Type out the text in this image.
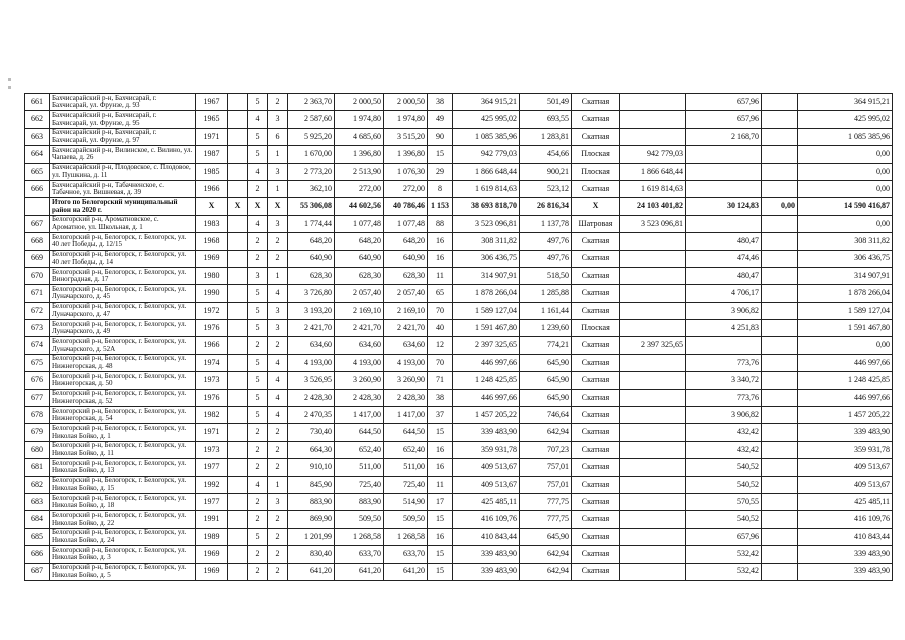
661	Бахчисарайский р-н, Бахчисарай, г. Бахчисарай, ул. Фрунзе, д. 93	1967		5	2	2 363,70	2 000,50	2 000,50	38	364 915,21	501,49	Скатная		657,96		364 915,21
662	Бахчисарайский р-н, Бахчисарай, г. Бахчисарай, ул. Фрунзе, д. 95	1965		4	3	2 587,60	1 974,80	1 974,80	49	425 995,02	693,55	Скатная		657,96		425 995,02
663	Бахчисарайский р-н, Бахчисарай, г. Бахчисарай, ул. Фрунзе, д. 97	1971		5	6	5 925,20	4 685,60	3 515,20	90	1 085 385,96	1 283,81	Скатная		2 168,70		1 085 385,96
664	Бахчисарайский р-н, Вилинское, с. Вилино, ул. Чапаева, д. 26	1987		5	1	1 670,00	1 396,80	1 396,80	15	942 779,03	454,66	Плоская	942 779,03			0,00
665	Бахчисарайский р-н, Плодовское, с. Плодовое, ул. Пушкина, д. 11	1985		4	3	2 773,20	2 513,90	1 076,30	29	1 866 648,44	900,21	Плоская	1 866 648,44			0,00
666	Бахчисарайский р-н, Табачненское, с. Табачное, ул. Вишневая, д. 39	1966		2	1	362,10	272,00	272,00	8	1 619 814,63	523,12	Скатная	1 619 814,63			0,00
	Итого по Белогорский муниципальный район на 2020 г.	X	X	X	X	55 306,08	44 602,56	40 786,46	1 153	38 693 818,70	26 816,34	X	24 103 401,82	30 124,83	0,00	14 590 416,87
667	Белогорский р-н, Ароматновское, с. Ароматное, ул. Школьная, д. 1	1983		4	3	1 774,44	1 077,48	1 077,48	88	3 523 096,81	1 137,78	Шатровая	3 523 096,81			0,00
668	Белогорский р-н, Белогорск, г. Белогорск, ул. 40 лет Победы, д. 12/15	1968		2	2	648,20	648,20	648,20	16	308 311,82	497,76	Скатная		480,47		308 311,82
669	Белогорский р-н, Белогорск, г. Белогорск, ул. 40 лет Победы, д. 14	1969		2	2	640,90	640,90	640,90	16	306 436,75	497,76	Скатная		474,46		306 436,75
670	Белогорский р-н, Белогорск, г. Белогорск, ул. Виноградная, д. 17	1980		3	1	628,30	628,30	628,30	11	314 907,91	518,50	Скатная		480,47		314 907,91
671	Белогорский р-н, Белогорск, г. Белогорск, ул. Луначарского, д. 45	1990		5	4	3 726,80	2 057,40	2 057,40	65	1 878 266,04	1 285,88	Скатная		4 706,17		1 878 266,04
672	Белогорский р-н, Белогорск, г. Белогорск, ул. Луначарского, д. 47	1972		5	3	3 193,20	2 169,10	2 169,10	70	1 589 127,04	1 161,44	Скатная		3 906,82		1 589 127,04
673	Белогорский р-н, Белогорск, г. Белогорск, ул. Луначарского, д. 49	1976		5	3	2 421,70	2 421,70	2 421,70	40	1 591 467,80	1 239,60	Плоская		4 251,83		1 591 467,80
674	Белогорский р-н, Белогорск, г. Белогорск, ул. Луначарского, д. 52А	1966		2	2	634,60	634,60	634,60	12	2 397 325,65	774,21	Скатная	2 397 325,65			0,00
675	Белогорский р-н, Белогорск, г. Белогорск, ул. Нижнегорская, д. 48	1974		5	4	4 193,00	4 193,00	4 193,00	70	446 997,66	645,90	Скатная		773,76		446 997,66
676	Белогорский р-н, Белогорск, г. Белогорск, ул. Нижнегорская, д. 50	1973		5	4	3 526,95	3 260,90	3 260,90	71	1 248 425,85	645,90	Скатная		3 340,72		1 248 425,85
677	Белогорский р-н, Белогорск, г. Белогорск, ул. Нижнегорская, д. 52	1976		5	4	2 428,30	2 428,30	2 428,30	38	446 997,66	645,90	Скатная		773,76		446 997,66
678	Белогорский р-н, Белогорск, г. Белогорск, ул. Нижнегорская, д. 54	1982		5	4	2 470,35	1 417,00	1 417,00	37	1 457 205,22	746,64	Скатная		3 906,82		1 457 205,22
679	Белогорский р-н, Белогорск, г. Белогорск, ул. Николая Бойко, д. 1	1971		2	2	730,40	644,50	644,50	15	339 483,90	642,94	Скатная		432,42		339 483,90
680	Белогорский р-н, Белогорск, г. Белогорск, ул. Николая Бойко, д. 11	1973		2	2	664,30	652,40	652,40	16	359 931,78	707,23	Скатная		432,42		359 931,78
681	Белогорский р-н, Белогорск, г. Белогорск, ул. Николая Бойко, д. 13	1977		2	2	910,10	511,00	511,00	16	409 513,67	757,01	Скатная		540,52		409 513,67
682	Белогорский р-н, Белогорск, г. Белогорск, ул. Николая Бойко, д. 15	1992		4	1	845,90	725,40	725,40	11	409 513,67	757,01	Скатная		540,52		409 513,67
683	Белогорский р-н, Белогорск, г. Белогорск, ул. Николая Бойко, д. 18	1977		2	3	883,90	883,90	514,90	17	425 485,11	777,75	Скатная		570,55		425 485,11
684	Белогорский р-н, Белогорск, г. Белогорск, ул. Николая Бойко, д. 22	1991		2	2	869,90	509,50	509,50	15	416 109,76	777,75	Скатная		540,52		416 109,76
685	Белогорский р-н, Белогорск, г. Белогорск, ул. Николая Бойко, д. 24	1989		5	2	1 201,99	1 268,58	1 268,58	16	410 843,44	645,90	Скатная		657,96		410 843,44
686	Белогорский р-н, Белогорск, г. Белогорск, ул. Николая Бойко, д. 3	1969		2	2	830,40	633,70	633,70	15	339 483,90	642,94	Скатная		532,42		339 483,90
687	Белогорский р-н, Белогорск, г. Белогорск, ул. Николая Бойко, д. 5	1969		2	2	641,20	641,20	641,20	15	339 483,90	642,94	Скатная		532,42		339 483,90
